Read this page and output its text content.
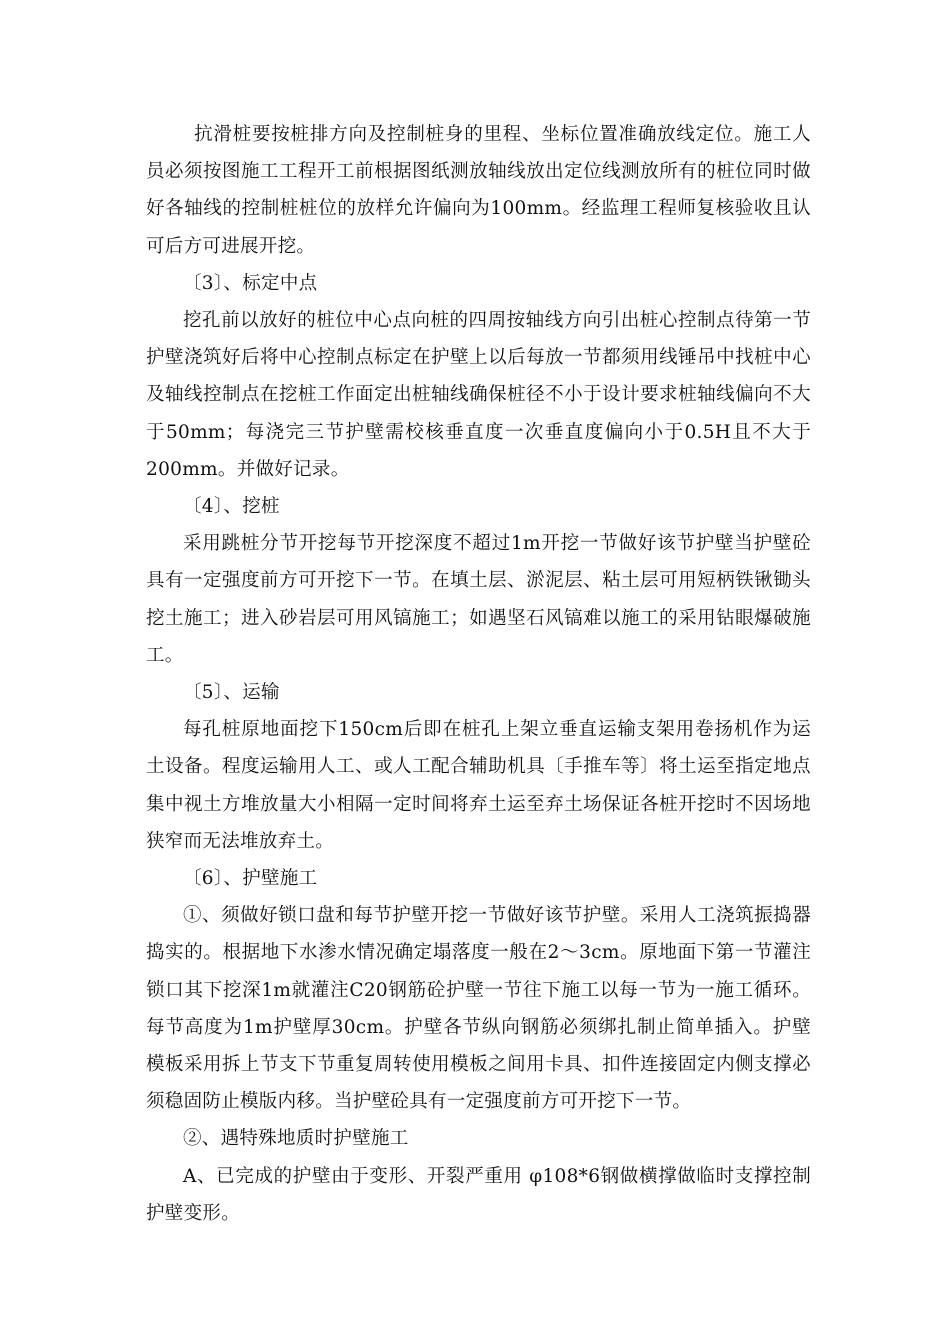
抗滑桩要按桩排方向及控制桩身的里程、坐标位置准确放线定位。施工人员必须按图施工工程开工前根据图纸测放轴线放出定位线测放所有的桩位同时做好各轴线的控制桩桩位的放样允许偏向为100mm。经监理工程师复核验收且认可后方可进展开挖。

〔3〕、标定中点

挖孔前以放好的桩位中心点向桩的四周按轴线方向引出桩心控制点待第一节护壁浇筑好后将中心控制点标定在护壁上以后每放一节都须用线锤吊中找桩中心及轴线控制点在挖桩工作面定出桩轴线确保桩径不小于设计要求桩轴线偏向不大于50mm；每浇完三节护壁需校核垂直度一次垂直度偏向小于0.5H且不大于200mm。并做好记录。

〔4〕、挖桩

采用跳桩分节开挖每节开挖深度不超过1m开挖一节做好该节护壁当护壁砼具有一定强度前方可开挖下一节。在填土层、淤泥层、粘土层可用短柄铁锹锄头挖土施工；进入砂岩层可用风镐施工；如遇坚石风镐难以施工的采用钻眼爆破施工。

〔5〕、运输

每孔桩原地面挖下150cm后即在桩孔上架立垂直运输支架用卷扬机作为运土设备。程度运输用人工、或人工配合辅助机具〔手推车等〕将土运至指定地点集中视土方堆放量大小相隔一定时间将弃土运至弃土场保证各桩开挖时不因场地狭窄而无法堆放弃土。

〔6〕、护壁施工

①、须做好锁口盘和每节护壁开挖一节做好该节护壁。采用人工浇筑振捣器捣实的。根据地下水渗水情况确定塌落度一般在2～3cm。原地面下第一节灌注锁口其下挖深1m就灌注C20钢筋砼护壁一节往下施工以每一节为一施工循环。每节高度为1m护壁厚30cm。护壁各节纵向钢筋必须绑扎制止简单插入。护壁模板采用拆上节支下节重复周转使用模板之间用卡具、扣件连接固定内侧支撑必须稳固防止模版内移。当护壁砼具有一定强度前方可开挖下一节。

②、遇特殊地质时护壁施工

A、已完成的护壁由于变形、开裂严重用 φ108*6钢做横撑做临时支撑控制护壁变形。
